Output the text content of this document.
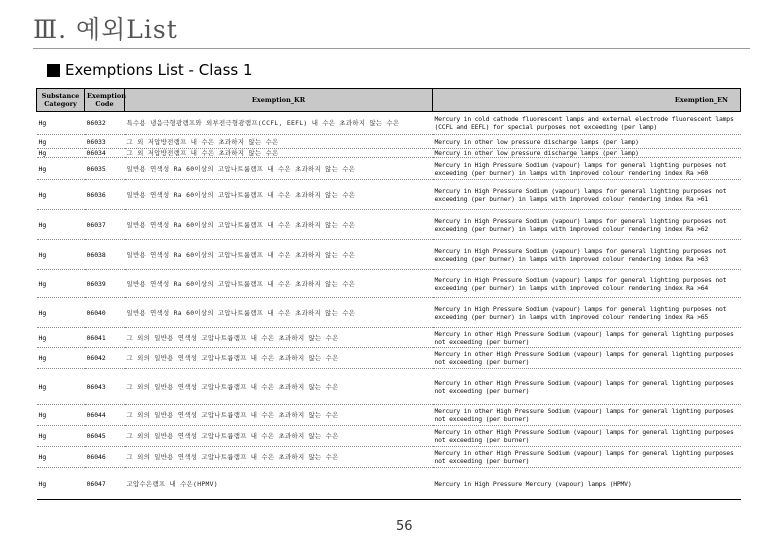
Ⅲ. 예외List
Exemptions List - Class 1
Substance Category	Exemption Code	Exemption_KR	Exemption_EN
Hg	06032	특수용 냉음극형광램프와 외부전극형광램프(CCFL, EEFL) 내 수은 초과하지 않는 수은	Mercury in cold cathode fluorescent lamps and external electrode fluorescent lamps (CCFL and EEFL) for special purposes not exceeding (per lamp)
Hg	06033	그 외 저압방전램프 내 수은 초과하지 않는 수은	Mercury in other low pressure discharge lamps (per lamp)
Hg	06034	그 외 저압방전램프 내 수은 초과하지 않는 수은	Mercury in other low pressure discharge lamps (per lamp)
Hg	06035	일반용 연색성 Ra 60이상의 고압나트륨램프 내 수은 초과하지 않는 수은	Mercury in High Pressure Sodium (vapour) lamps for general lighting purposes not exceeding (per burner) in lamps with improved colour rendering index Ra >60
Hg	06036	일반용 연색성 Ra 60이상의 고압나트륨램프 내 수은 초과하지 않는 수은	Mercury in High Pressure Sodium (vapour) lamps for general lighting purposes not exceeding (per burner) in lamps with improved colour rendering index Ra >61
Hg	06037	일반용 연색성 Ra 60이상의 고압나트륨램프 내 수은 초과하지 않는 수은	Mercury in High Pressure Sodium (vapour) lamps for general lighting purposes not exceeding (per burner) in lamps with improved colour rendering index Ra >62
Hg	06038	일반용 연색성 Ra 60이상의 고압나트륨램프 내 수은 초과하지 않는 수은	Mercury in High Pressure Sodium (vapour) lamps for general lighting purposes not exceeding (per burner) in lamps with improved colour rendering index Ra >63
Hg	06039	일반용 연색성 Ra 60이상의 고압나트륨램프 내 수은 초과하지 않는 수은	Mercury in High Pressure Sodium (vapour) lamps for general lighting purposes not exceeding (per burner) in lamps with improved colour rendering index Ra >64
Hg	06040	일반용 연색성 Ra 60이상의 고압나트륨램프 내 수은 초과하지 않는 수은	Mercury in High Pressure Sodium (vapour) lamps for general lighting purposes not exceeding (per burner) in lamps with improved colour rendering index Ra >65
Hg	06041	그 외의 일반용 연색성 고압나트륨램프 내 수은 초과하지 않는 수은	Mercury in other High Pressure Sodium (vapour) lamps for general lighting purposes not exceeding (per burner)
Hg	06042	그 외의 일반용 연색성 고압나트륨램프 내 수은 초과하지 않는 수은	Mercury in other High Pressure Sodium (vapour) lamps for general lighting purposes not exceeding (per burner)
Hg	06043	그 외의 일반용 연색성 고압나트륨램프 내 수은 초과하지 않는 수은	Mercury in other High Pressure Sodium (vapour) lamps for general lighting purposes not exceeding (per burner)
Hg	06044	그 외의 일반용 연색성 고압나트륨램프 내 수은 초과하지 않는 수은	Mercury in other High Pressure Sodium (vapour) lamps for general lighting purposes not exceeding (per burner)
Hg	06045	그 외의 일반용 연색성 고압나트륨램프 내 수은 초과하지 않는 수은	Mercury in other High Pressure Sodium (vapour) lamps for general lighting purposes not exceeding (per burner)
Hg	06046	그 외의 일반용 연색성 고압나트륨램프 내 수은 초과하지 않는 수은	Mercury in other High Pressure Sodium (vapour) lamps for general lighting purposes not exceeding (per burner)
Hg	06047	고압수은램프 내 수은(HPMV)	Mercury in High Pressure Mercury (vapour) lamps (HPMV)
56
